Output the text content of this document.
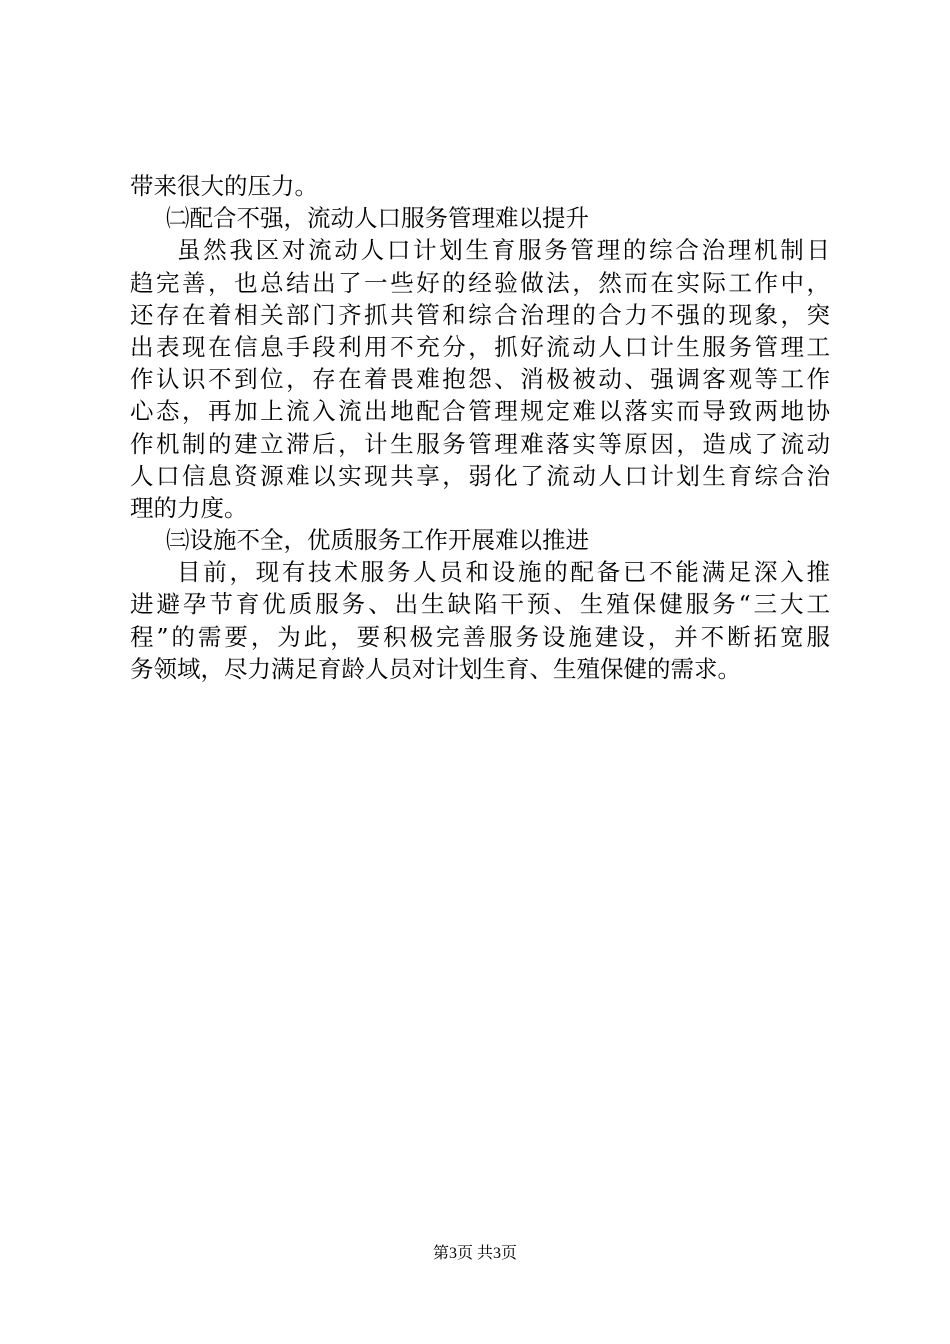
带来很大的压力。
㈡配合不强，流动人口服务管理难以提升
虽然我区对流动人口计划生育服务管理的综合治理机制日
趋完善，也总结出了一些好的经验做法，然而在实际工作中，
还存在着相关部门齐抓共管和综合治理的合力不强的现象，突
出表现在信息手段利用不充分，抓好流动人口计生服务管理工
作认识不到位，存在着畏难抱怨、消极被动、强调客观等工作
心态，再加上流入流出地配合管理规定难以落实而导致两地协
作机制的建立滞后，计生服务管理难落实等原因，造成了流动
人口信息资源难以实现共享，弱化了流动人口计划生育综合治
理的力度。
㈢设施不全，优质服务工作开展难以推进
目前，现有技术服务人员和设施的配备已不能满足深入推
进避孕节育优质服务、出生缺陷干预、生殖保健服务“三大工
程”的需要，为此，要积极完善服务设施建设，并不断拓宽服
务领域，尽力满足育龄人员对计划生育、生殖保健的需求。
第3页 共3页
